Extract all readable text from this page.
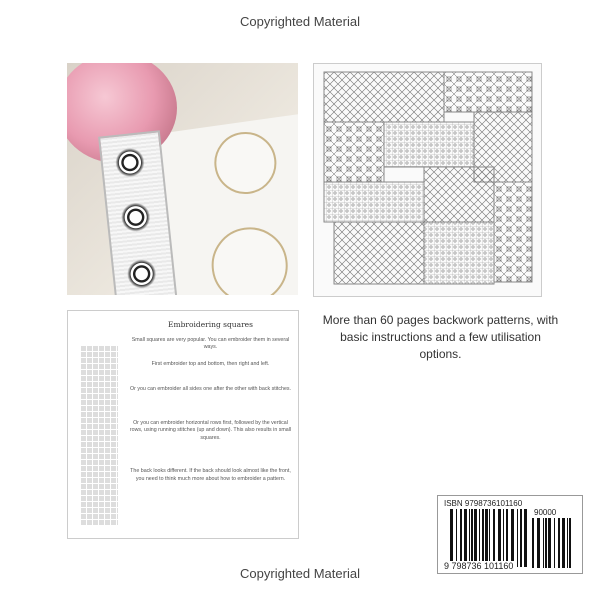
Copyrighted Material
Embroidering squares

Small squares are very popular. You can embroider them in several ways.

First embroider top and bottom, then right and left.

Or you can embroider all sides one after the other with back stitches.

Or you can embroider horizontal rows first, followed by the vertical rows, using running stitches (up and down). This also results in small squares.

The back looks different. If the back should look almost like the front, you need to think much more about how to embroider a pattern.

More than 60 pages backwork patterns, with basic instructions and a few utilisation options.
ISBN 9798736101160
90000
9 798736 101160
Copyrighted Material
